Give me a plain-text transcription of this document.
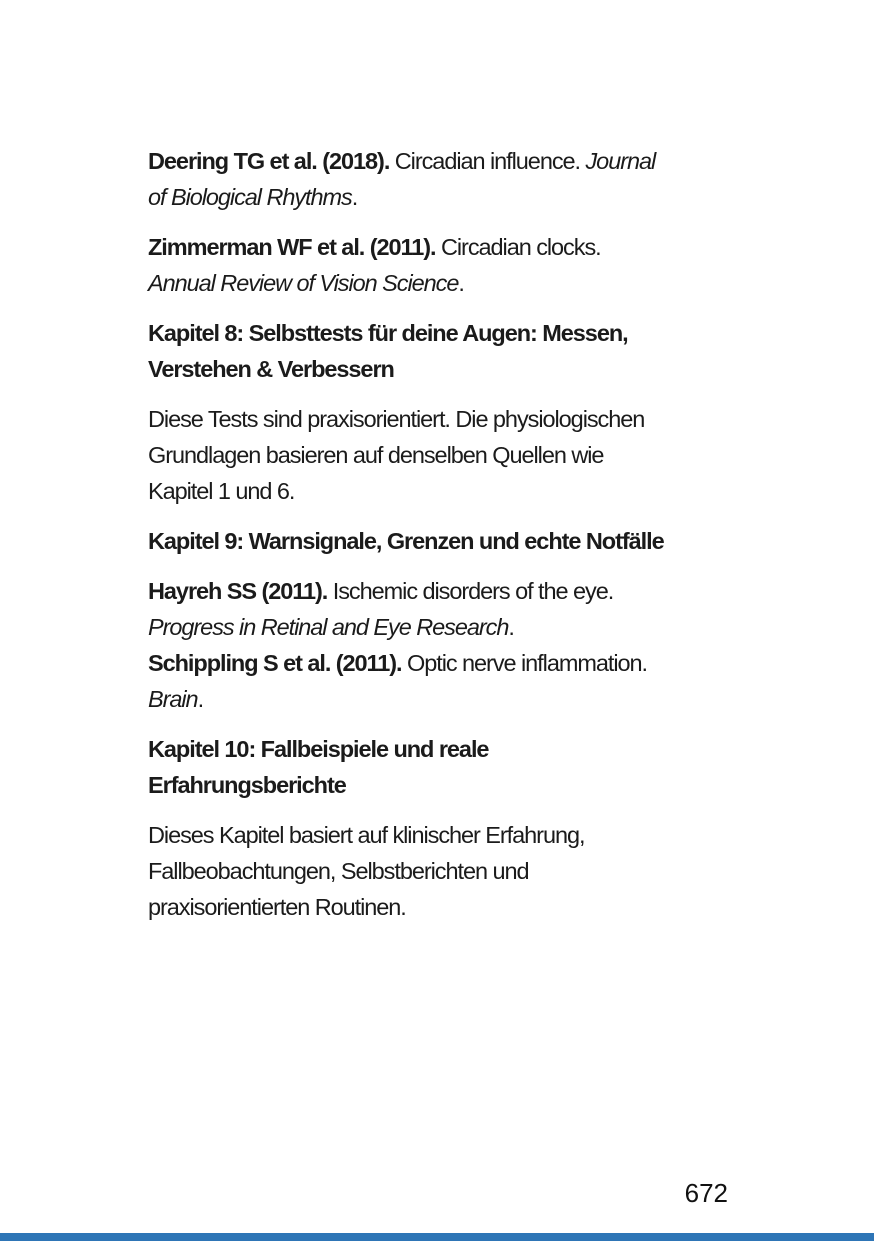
Deering TG et al. (2018). Circadian influence. Journal
of Biological Rhythms.
Zimmerman WF et al. (2011). Circadian clocks.
Annual Review of Vision Science.
Kapitel 8: Selbsttests für deine Augen: Messen,
Verstehen & Verbessern
Diese Tests sind praxisorientiert. Die physiologischen
Grundlagen basieren auf denselben Quellen wie
Kapitel 1 und 6.
Kapitel 9: Warnsignale, Grenzen und echte Notfälle
Hayreh SS (2011). Ischemic disorders of the eye.
Progress in Retinal and Eye Research.
Schippling S et al. (2011). Optic nerve inflammation.
Brain.
Kapitel 10: Fallbeispiele und reale
Erfahrungsberichte
Dieses Kapitel basiert auf klinischer Erfahrung,
Fallbeobachtungen, Selbstberichten und
praxisorientierten Routinen.
672
